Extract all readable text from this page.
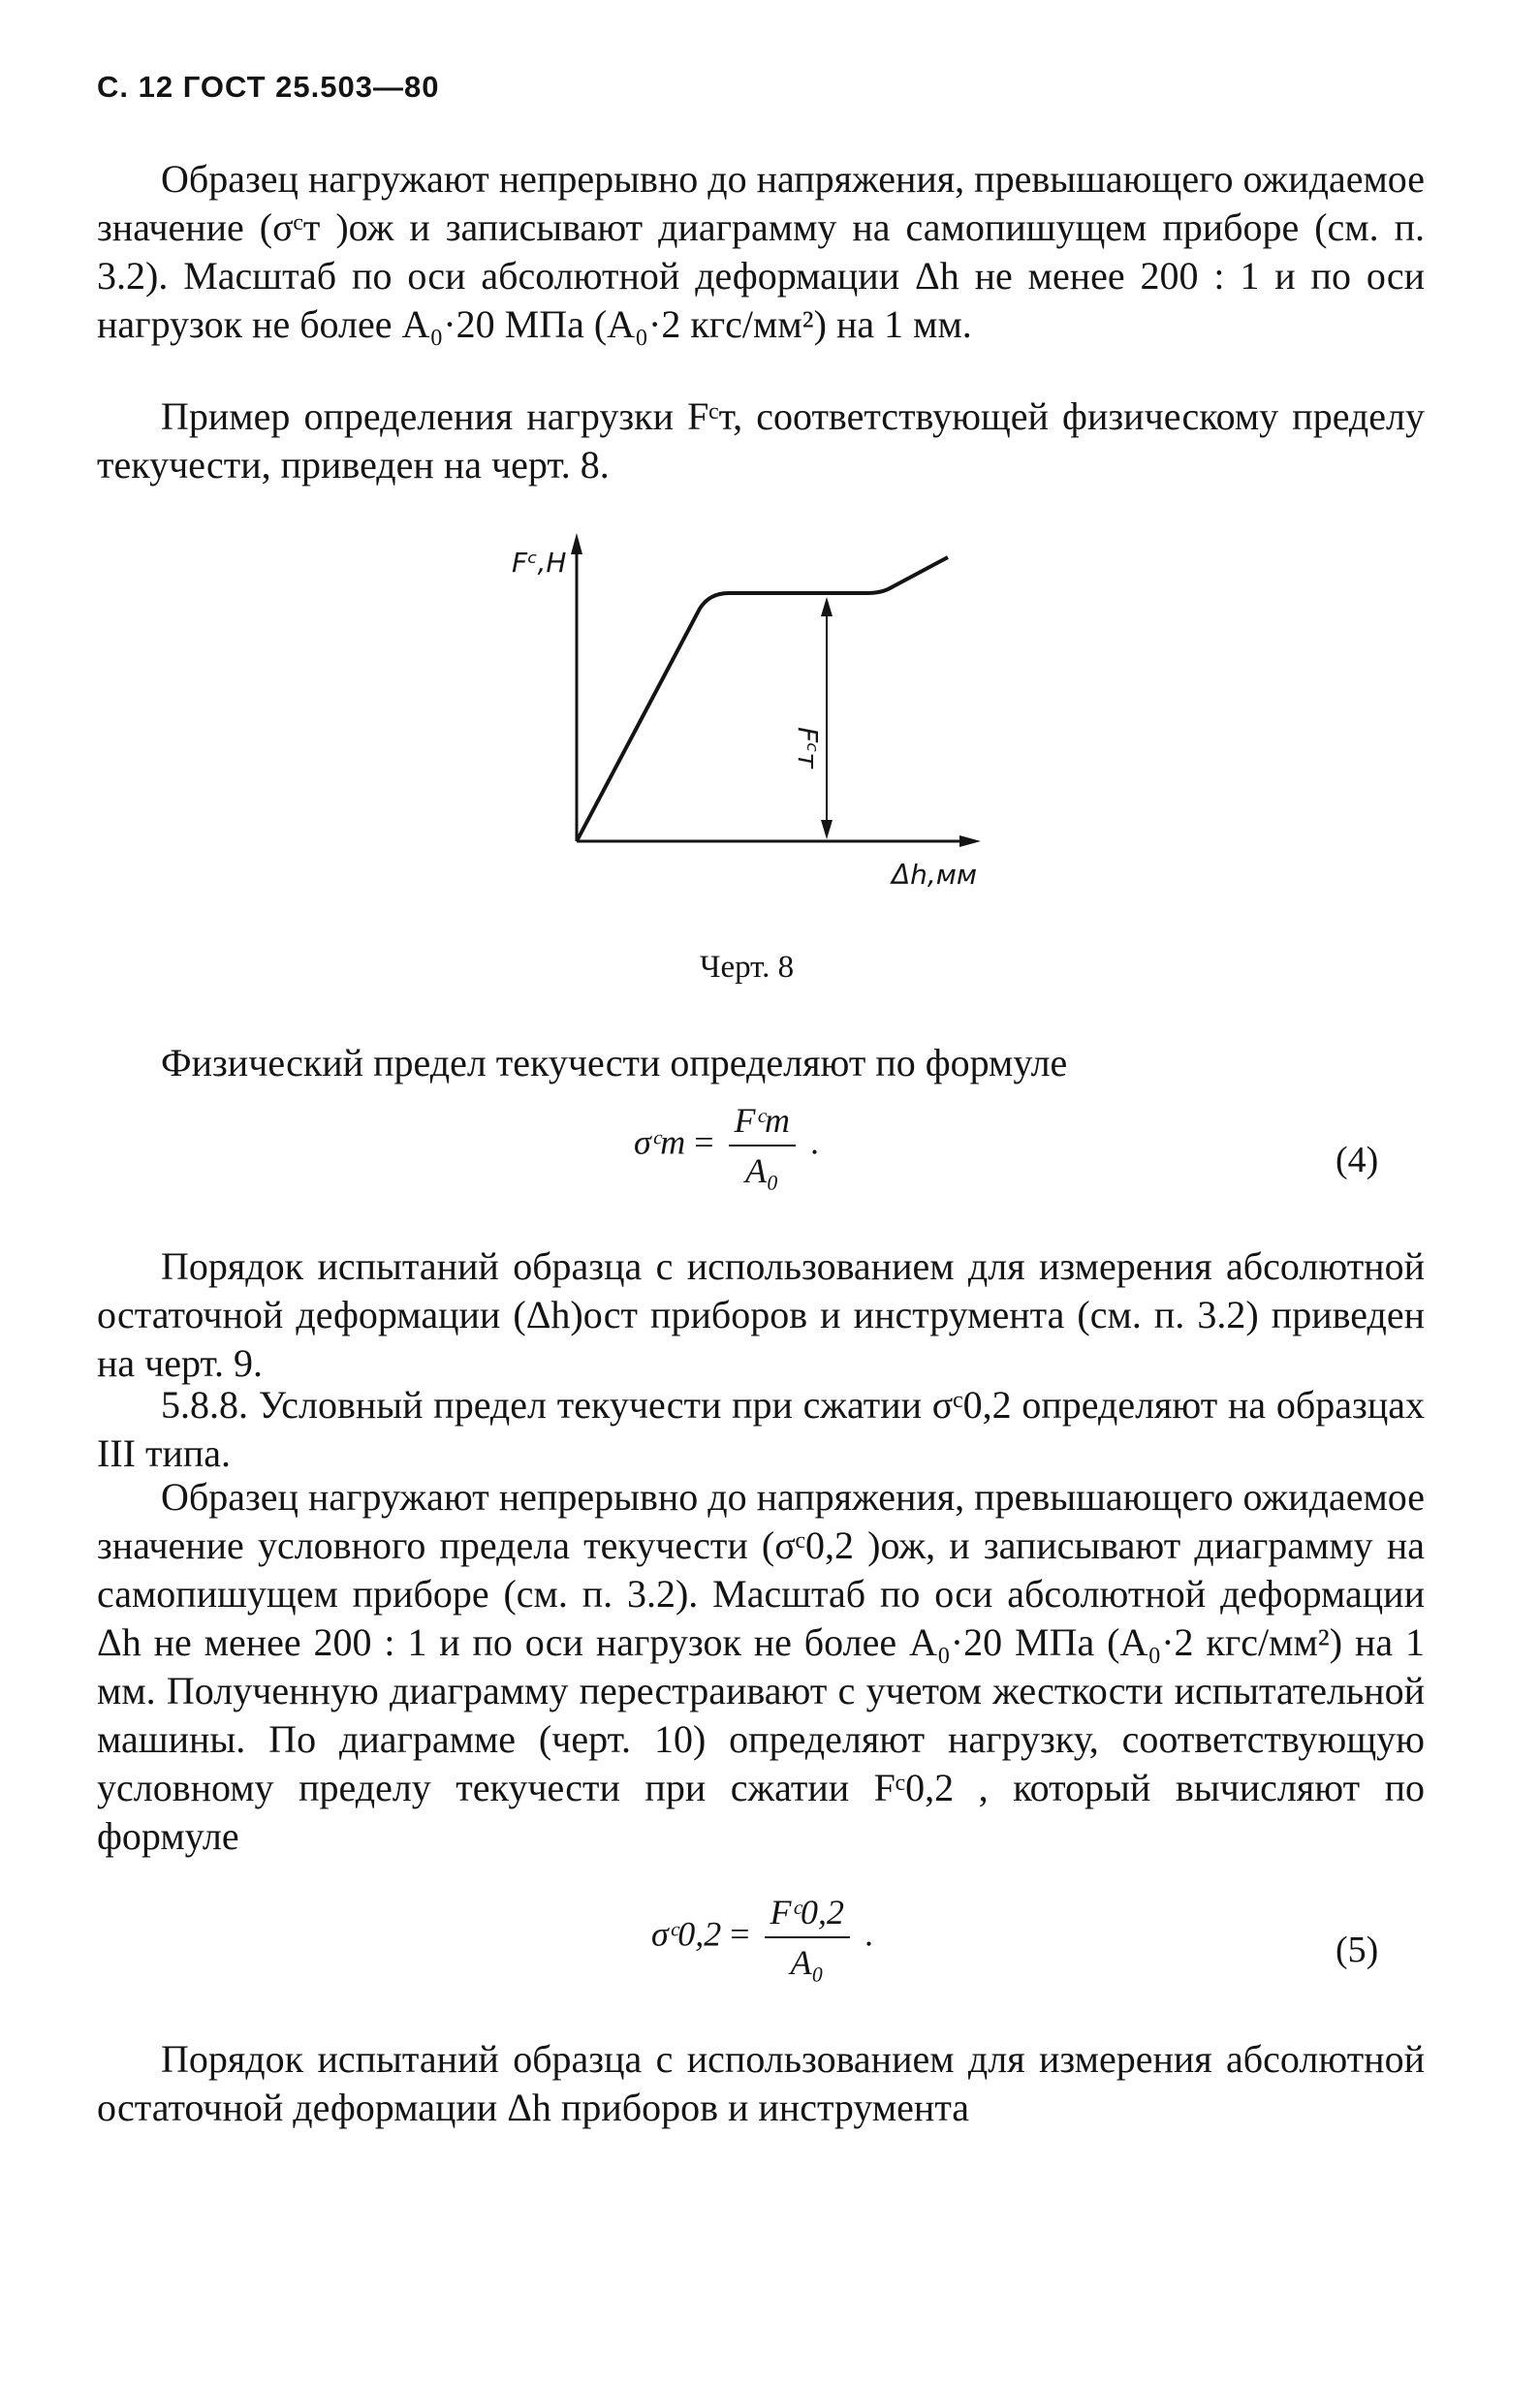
С. 12 ГОСТ 25.503—80

Образец нагружают непрерывно до напряжения, превышающего ожидаемое значение (σᶜт )ож и записывают диаграмму на самопишущем приборе (см. п. 3.2). Масштаб по оси абсолютной деформации Δh не менее 200 : 1 и по оси нагрузок не более A₀·20 МПа (A₀·2 кгс/мм²) на 1 мм.

Пример определения нагрузки Fᶜт, соответствующей физическому пределу текучести, приведен на черт. 8.

Fᶜ,Н
Δh,мм
Fᶜт
Черт. 8

Физический предел текучести определяют по формуле

σᶜт = $\frac{\text{Fᶜт}}{\text{A₀}}$ .	(4)

Порядок испытаний образца с использованием для измерения абсолютной остаточной деформации (Δh)ост приборов и инструмента (см. п. 3.2) приведен на черт. 9.

5.8.8. Условный предел текучести при сжатии σᶜ0,2 определяют на образцах III типа.

Образец нагружают непрерывно до напряжения, превышающего ожидаемое значение условного предела текучести (σᶜ0,2 )ож, и записывают диаграмму на самопишущем приборе (см. п. 3.2). Масштаб по оси абсолютной деформации Δh не менее 200 : 1 и по оси нагрузок не более A₀·20 МПа (A₀·2 кгс/мм²) на 1 мм. Полученную диаграмму перестраивают с учетом жесткости испытательной машины. По диаграмме (черт. 10) определяют нагрузку, соответствующую условному пределу текучести при сжатии Fᶜ0,2 , который вычисляют по формуле

σᶜ0,2 = $\frac{\text{Fᶜ0,2}}{\text{A₀}}$ .	(5)

Порядок испытаний образца с использованием для измерения абсолютной остаточной деформации Δh приборов и инструмента
